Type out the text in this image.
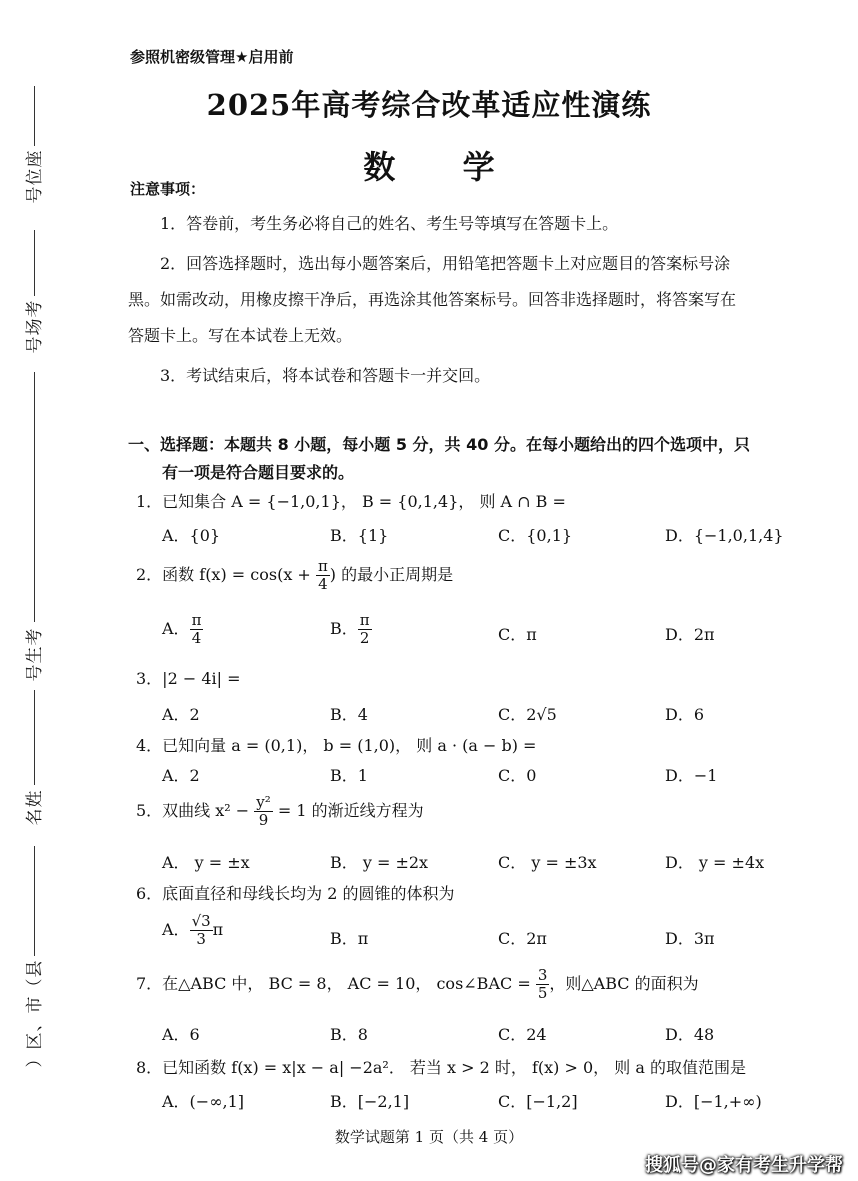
座
位
号
考
场
号
考
生
号
姓
名
县
（
市
、
区
）
参照机密级管理★启用前
2025年高考综合改革适应性演练
数 学
注意事项：
1．答卷前，考生务必将自己的姓名、考生号等填写在答题卡上。
2．回答选择题时，选出每小题答案后，用铅笔把答题卡上对应题目的答案标号涂
黑。如需改动，用橡皮擦干净后，再选涂其他答案标号。回答非选择题时，将答案写在
答题卡上。写在本试卷上无效。
3．考试结束后，将本试卷和答题卡一并交回。
一、选择题：本题共 8 小题，每小题 5 分，共 40 分。在每小题给出的四个选项中，只
有一项是符合题目要求的。
1．已知集合 A = {−1,0,1}， B = {0,1,4}， 则 A ∩ B =
A．{0}	B．{1}	C．{0,1}	D．{−1,0,1,4}
2．函数 $f(x) = \cos(x + \frac{\pi}{4}$ ) 的最小正周期是
A． $\frac{\pi}{4}$	B． $\frac{\pi}{2}$	C．π	D．2π
3．|2 − 4i| =
A．2	B．4	C．2√5	D．6
4．已知向量 a = (0,1)， b = (1,0)， 则 a · (a − b) =
A．2	B．1	C．0	D．−1
5．双曲线 $x^2 - \frac{\text{y²}}{9} = 1$ 的渐近线方程为
A． y = ±x	B． y = ±2x	C． y = ±3x	D． y = ±4x
6．底面直径和母线长均为 2 的圆锥的体积为
A． $\frac{√3}{3}$ π	B．π	C．2π	D．3π
7．在△ABC 中， BC = 8， AC = 10， cos∠BAC = $\frac{3}{5}$ ，则△ABC 的面积为
A．6	B．8	C．24	D．48
8．已知函数 f(x) = x|x − a| −2a²． 若当 x > 2 时， f(x) > 0， 则 a 的取值范围是
A．(−∞,1]	B．[−2,1]	C．[−1,2]	D．[−1,+∞)
数学试题第 1 页（共 4 页）
搜狐号@家有考生升学帮
